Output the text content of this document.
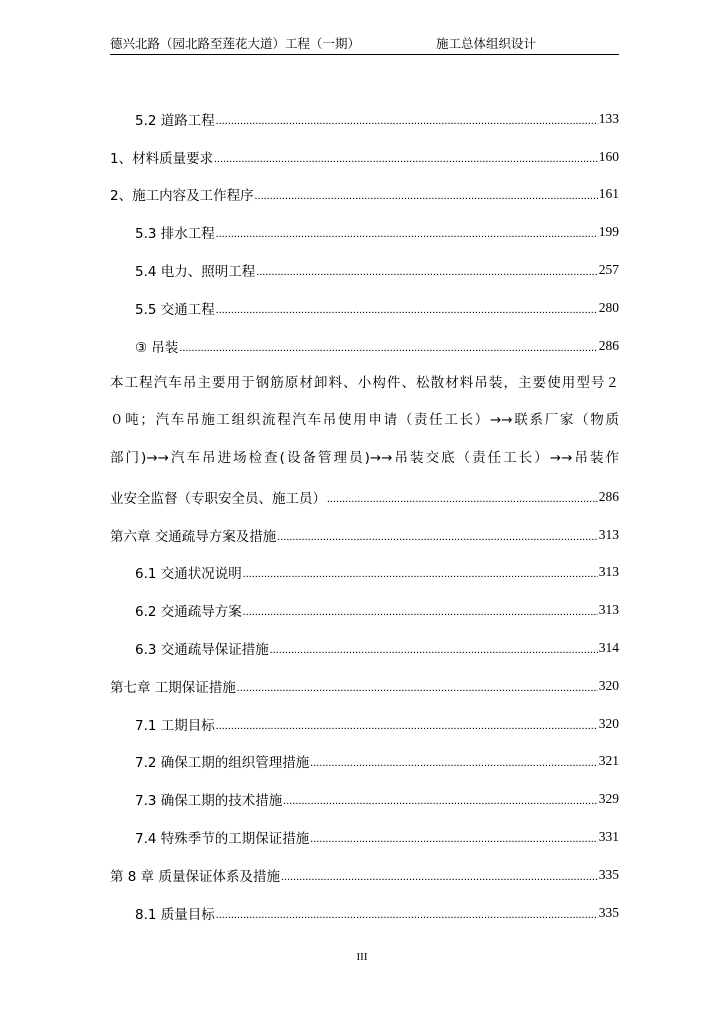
德兴北路（园北路至莲花大道）工程（一期）	施工总体组织设计
5.2 道路工程 .....	133
1、材料质量要求 .....	160
2、施工内容及工作程序 .....	161
5.3 排水工程 .....	199
5.4 电力、照明工程 .....	257
5.5 交通工程 .....	280
③ 吊装 .....	286
本工程汽车吊主要用于钢筋原材卸料、小构件、松散材料吊装，主要使用型号２
０吨；汽车吊施工组织流程汽车吊使用申请（责任工长）→→联系厂家（物质
部门)→→汽车吊进场检查(设备管理员)→→吊装交底（责任工长）→→吊装作
业安全监督（专职安全员、施工员） .....	286
第六章 交通疏导方案及措施 .....	313
6.1 交通状况说明 .....	313
6.2 交通疏导方案 .....	313
6.3 交通疏导保证措施 .....	314
第七章 工期保证措施 .....	320
7.1 工期目标 .....	320
7.2 确保工期的组织管理措施 .....	321
7.3 确保工期的技术措施 .....	329
7.4 特殊季节的工期保证措施 .....	331
第 8 章 质量保证体系及措施 .....	335
8.1 质量目标 .....	335
III
